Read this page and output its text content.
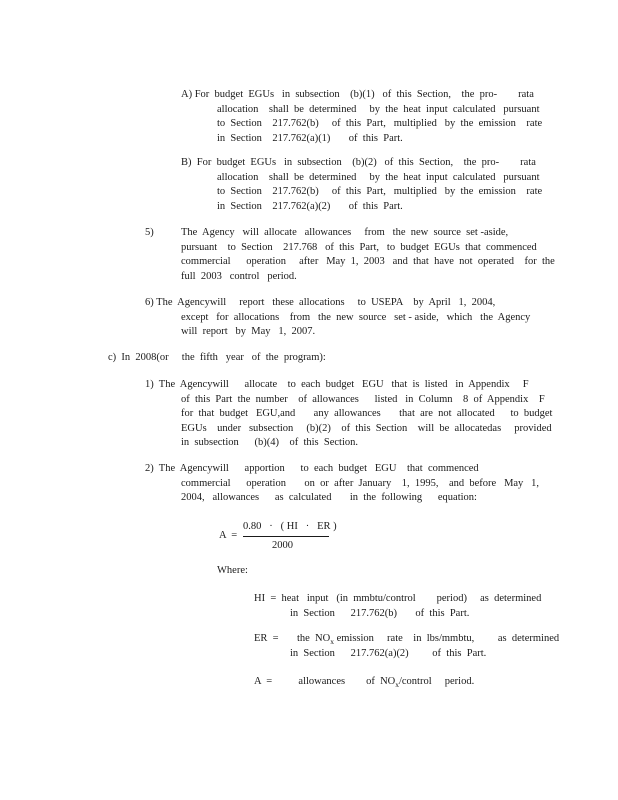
A) For  budget  EGUs   in  subsection    (b)(1)   of  this  Section,    the  pro-        rata
allocation    shall  be  determined     by  the  heat  input  calculated   pursuant
to  Section    217.762(b)     of  this  Part,   multiplied   by  the  emission    rate
in  Section    217.762(a)(1)       of  this  Part.
B)  For  budget  EGUs   in  subsection    (b)(2)   of  this  Section,    the  pro-        rata
allocation    shall  be  determined     by  the  heat  input  calculated   pursuant
to  Section    217.762(b)     of  this  Part,   multiplied   by  the  emission    rate
in  Section    217.762(a)(2)       of  this  Part.
5)	The  Agency   will  allocate   allowances     from   the  new  source  set -aside,
pursuant    to  Section    217.768   of  this  Part,   to  budget  EGUs  that  commenced
commercial      operation     after   May  1,  2003   and  that  have  not  operated    for  the
full  2003   control   period.
6) The  Agencywill     report   these  allocations     to  USEPA    by  April   1,  2004,
except   for  allocations    from   the  new  source   set - aside,   which   the  Agency
will  report   by  May   1,  2007.
c)  In  2008(or     the  fifth   year   of  the  program):
1)  The  Agencywill      allocate    to  each  budget   EGU   that  is  listed   in  Appendix     F
of  this  Part  the  number    of  allowances      listed   in  Column    8  of  Appendix    F
for  that  budget   EGU,and       any  allowances       that  are  not  allocated      to  budget
EGUs    under   subsection     (b)(2)    of  this  Section    will  be  allocatedas     provided
in  subsection      (b)(4)    of  this  Section.
2)  The  Agencywill      apportion      to  each  budget   EGU    that  commenced
commercial      operation       on  or  after  January    1,  1995,    and  before   May   1,
2004,   allowances      as  calculated       in  the  following      equation:
A  =
0.80   ·   ( HI   ·   ER )
2000
Where:
HI  =  heat   input   (in  mmbtu/control        period)     as  determined
in  Section      217.762(b)       of  this  Part.
ER  =       the  $NO_x$ emission     rate    in  lbs/mmbtu,         as  determined
in  Section      217.762(a)(2)         of  this  Part.
A  =          allowances        of  $NO_x$/control     period.
